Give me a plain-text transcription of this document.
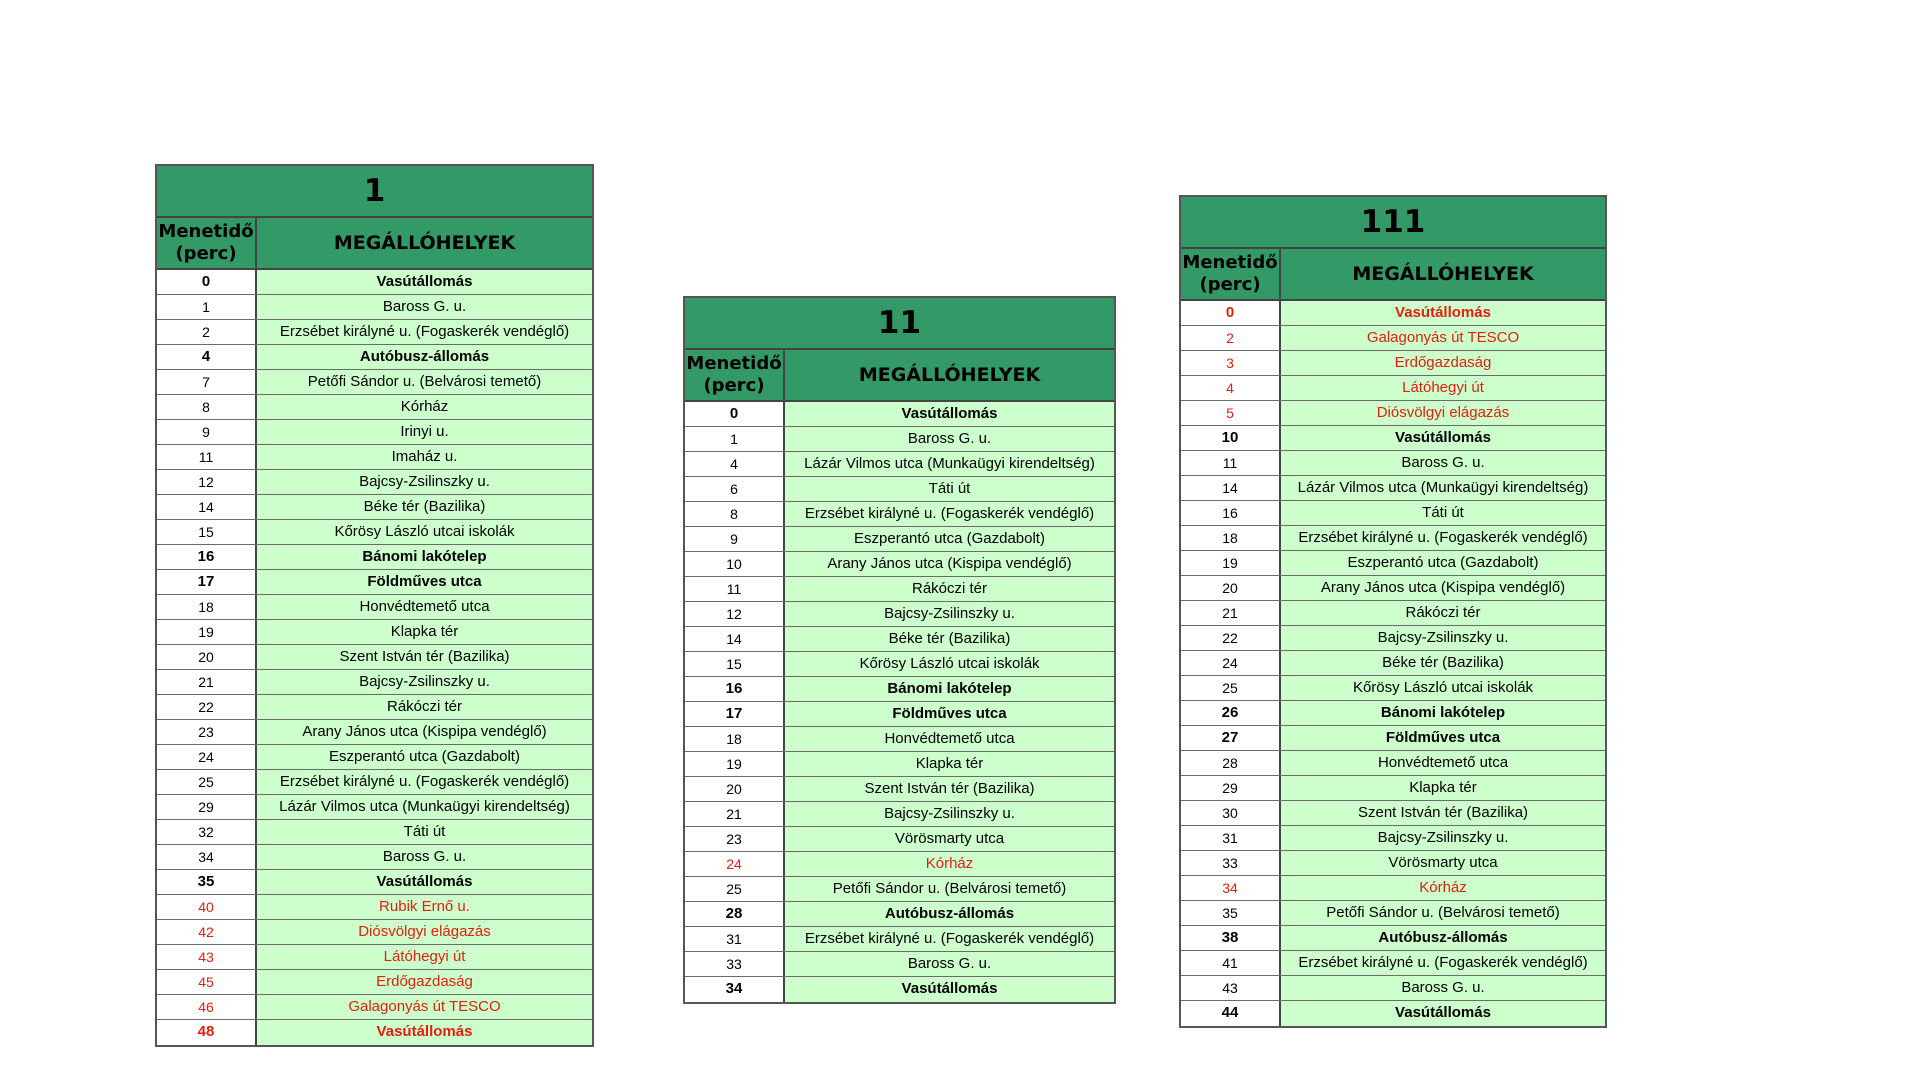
1
Menetidő (perc)	MEGÁLLÓHELYEK
0	Vasútállomás
1	Baross G. u.
2	Erzsébet királyné u. (Fogaskerék vendéglő)
4	Autóbusz-állomás
7	Petőfi Sándor u. (Belvárosi temető)
8	Kórház
9	Irinyi u.
11	Imaház u.
12	Bajcsy-Zsilinszky u.
14	Béke tér (Bazilika)
15	Kőrösy László utcai iskolák
16	Bánomi lakótelep
17	Földműves utca
18	Honvédtemető utca
19	Klapka tér
20	Szent István tér (Bazilika)
21	Bajcsy-Zsilinszky u.
22	Rákóczi tér
23	Arany János utca (Kispipa vendéglő)
24	Eszperantó utca (Gazdabolt)
25	Erzsébet királyné u. (Fogaskerék vendéglő)
29	Lázár Vilmos utca (Munkaügyi kirendeltség)
32	Táti út
34	Baross G. u.
35	Vasútállomás
40	Rubik Ernő u.
42	Diósvölgyi elágazás
43	Látóhegyi út
45	Erdőgazdaság
46	Galagonyás út TESCO
48	Vasútállomás
11
Menetidő (perc)	MEGÁLLÓHELYEK
0	Vasútállomás
1	Baross G. u.
4	Lázár Vilmos utca (Munkaügyi kirendeltség)
6	Táti út
8	Erzsébet királyné u. (Fogaskerék vendéglő)
9	Eszperantó utca (Gazdabolt)
10	Arany János utca (Kispipa vendéglő)
11	Rákóczi tér
12	Bajcsy-Zsilinszky u.
14	Béke tér (Bazilika)
15	Kőrösy László utcai iskolák
16	Bánomi lakótelep
17	Földműves utca
18	Honvédtemető utca
19	Klapka tér
20	Szent István tér (Bazilika)
21	Bajcsy-Zsilinszky u.
23	Vörösmarty utca
24	Kórház
25	Petőfi Sándor u. (Belvárosi temető)
28	Autóbusz-állomás
31	Erzsébet királyné u. (Fogaskerék vendéglő)
33	Baross G. u.
34	Vasútállomás
111
Menetidő (perc)	MEGÁLLÓHELYEK
0	Vasútállomás
2	Galagonyás út TESCO
3	Erdőgazdaság
4	Látóhegyi út
5	Diósvölgyi elágazás
10	Vasútállomás
11	Baross G. u.
14	Lázár Vilmos utca (Munkaügyi kirendeltség)
16	Táti út
18	Erzsébet királyné u. (Fogaskerék vendéglő)
19	Eszperantó utca (Gazdabolt)
20	Arany János utca (Kispipa vendéglő)
21	Rákóczi tér
22	Bajcsy-Zsilinszky u.
24	Béke tér (Bazilika)
25	Kőrösy László utcai iskolák
26	Bánomi lakótelep
27	Földműves utca
28	Honvédtemető utca
29	Klapka tér
30	Szent István tér (Bazilika)
31	Bajcsy-Zsilinszky u.
33	Vörösmarty utca
34	Kórház
35	Petőfi Sándor u. (Belvárosi temető)
38	Autóbusz-állomás
41	Erzsébet királyné u. (Fogaskerék vendéglő)
43	Baross G. u.
44	Vasútállomás
